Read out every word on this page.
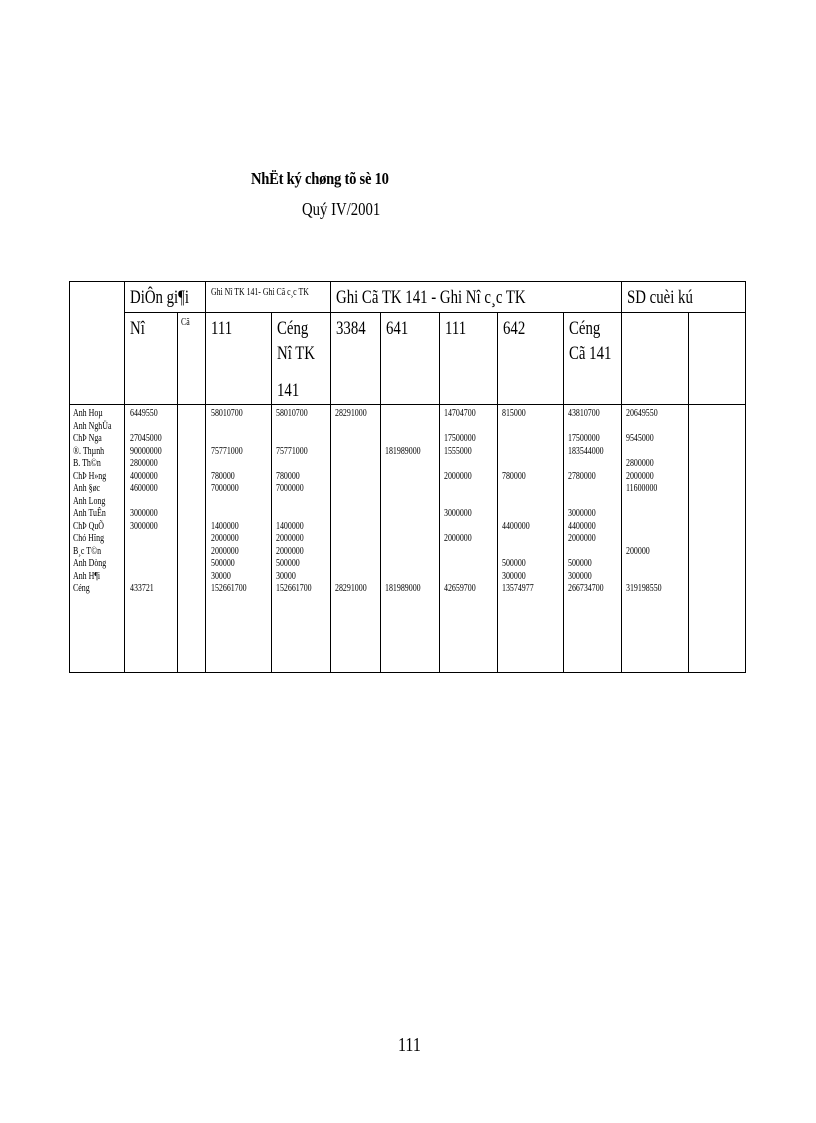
NhËt ký chøng tõ sè 10
Quý IV/2001
DiÔn gi¶i Ghi Nî TK 141- Ghi Cã c¸c TK Ghi Cã TK 141 - Ghi Nî c¸c TK	SD cuèi kú
Nî	Cã 111 Céng
Nî TK
141
3384 641 111 642 Céng
Cã 141
Anh Hoµ
Anh NghÜa
ChÞ Nga
®. Thµnh
B. Th©n
ChÞ H»ng
Anh §øc
Anh Long
Anh TuÊn
ChÞ QuÕ
Chó Hïng
B¸c T©n
Anh Dòng
Anh H¶i
Céng
6449550
27045000
90000000
2800000
4000000
4600000
3000000
3000000
433721
58010700
75771000
780000
7000000
1400000
2000000
2000000
500000
30000
152661700
58010700
75771000
780000
7000000
1400000
2000000
2000000
500000
30000
152661700
28291000
28291000
181989000
181989000
14704700
17500000
1555000
2000000
3000000
2000000
42659700
815000
780000
4400000
500000
300000
13574977
43810700
17500000
183544000
2780000
3000000
4400000
2000000
500000
300000
266734700
20649550
9545000
2800000
2000000
11600000
200000
319198550
111
